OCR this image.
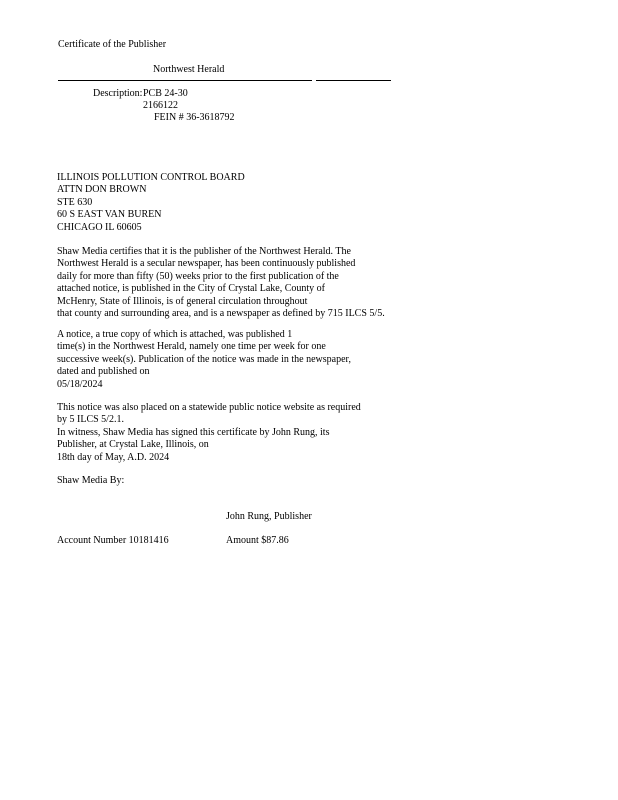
Certificate of the Publisher
Northwest Herald
Description: PCB 24-30
2166122
FEIN # 36-3618792
ILLINOIS POLLUTION CONTROL BOARD
ATTN DON BROWN
STE 630
60 S EAST VAN BUREN
CHICAGO IL 60605
Shaw Media certifies that it is the publisher of the Northwest Herald. The
Northwest Herald is a secular newspaper, has been continuously published
daily for more than fifty (50) weeks prior to the first publication of the
attached notice, is published in the City of Crystal Lake, County of
McHenry, State of Illinois, is of general circulation throughout
that county and surrounding area, and is a newspaper as defined by 715 ILCS 5/5.
A notice, a true copy of which is attached, was published 1
time(s) in the Northwest Herald, namely one time per week for one
successive week(s). Publication of the notice was made in the newspaper,
dated and published on
05/18/2024
This notice was also placed on a statewide public notice website as required
by 5 ILCS 5/2.1.
In witness, Shaw Media has signed this certificate by John Rung, its
Publisher, at Crystal Lake, Illinois, on
18th day of May, A.D. 2024
Shaw Media By:
John Rung, Publisher
Account Number 10181416	Amount $87.86
